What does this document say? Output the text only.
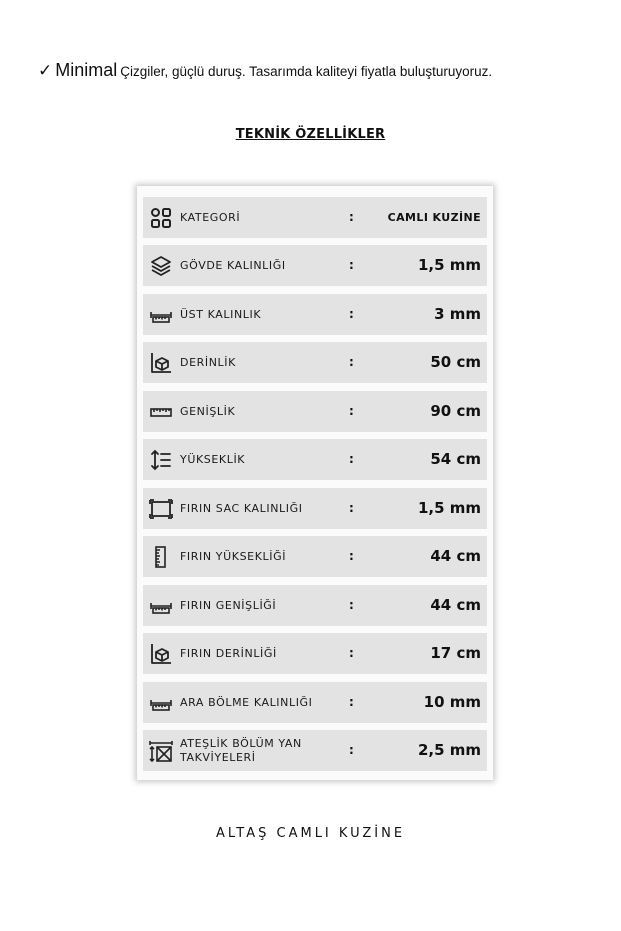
✓ Minimal Çizgiler, güçlü duruş. Tasarımda kaliteyi fiyatla buluşturuyoruz.
TEKNİK ÖZELLİKLER
KATEGORİ	:	CAMLI KUZİNE
GÖVDE KALINLIĞI	:	1,5 mm
ÜST KALINLIK	:	3 mm
DERİNLİK	:	50 cm
GENİŞLİK	:	90 cm
YÜKSEKLİK	:	54 cm
FIRIN SAC KALINLIĞI	:	1,5 mm
FIRIN YÜKSEKLİĞİ	:	44 cm
FIRIN GENİŞLİĞİ	:	44 cm
FIRIN DERİNLİĞİ	:	17 cm
ARA BÖLME KALINLIĞI	:	10 mm
ATEŞLİK BÖLÜM YAN TAKVİYELERİ	:	2,5 mm
ALTAŞ CAMLI KUZİNE
